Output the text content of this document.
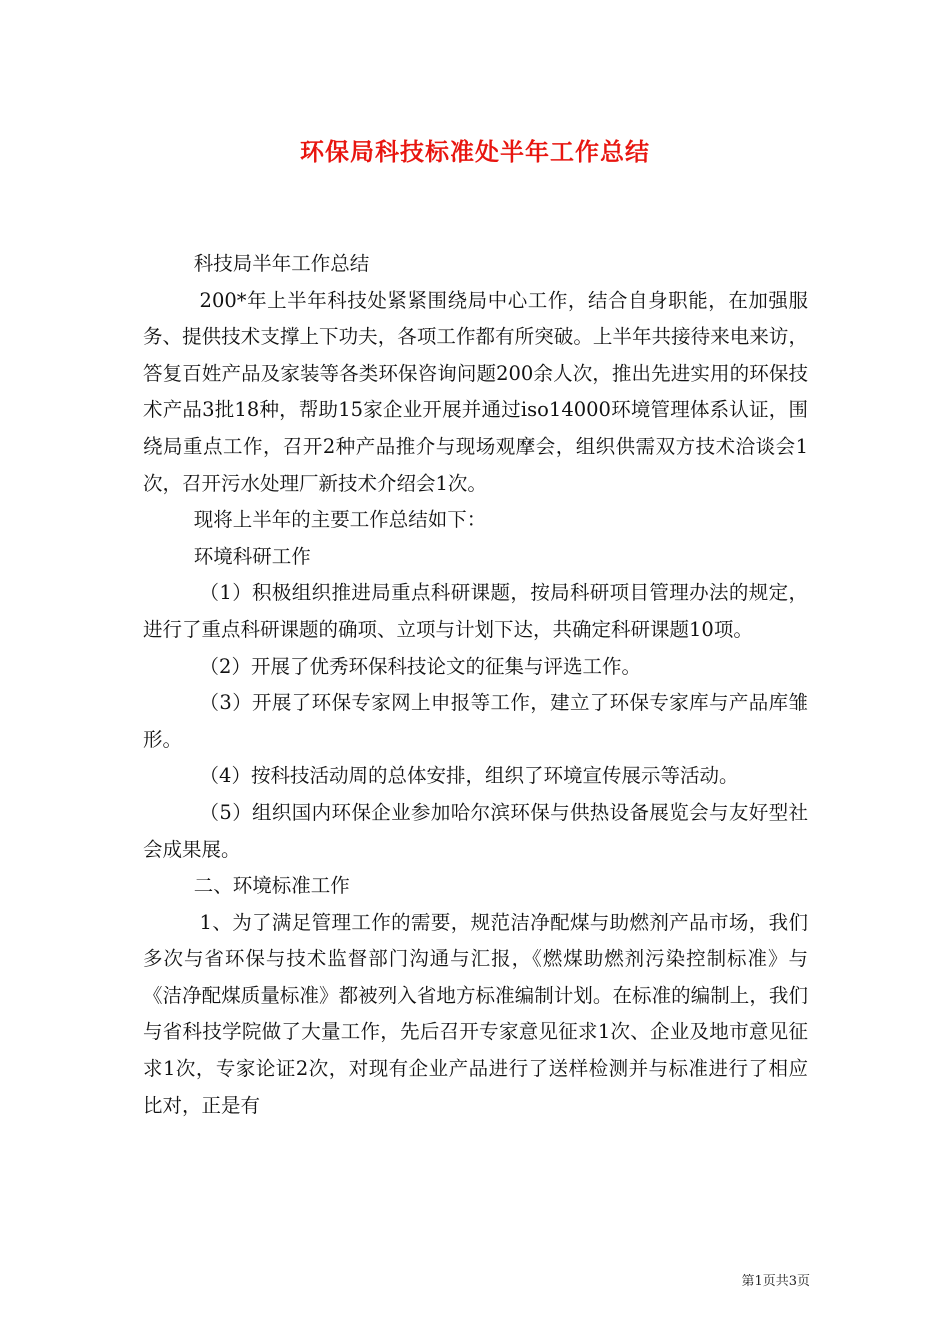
环保局科技标准处半年工作总结

科技局半年工作总结

200*年上半年科技处紧紧围绕局中心工作，结合自身职能，在加强服务、提供技术支撑上下功夫，各项工作都有所突破。上半年共接待来电来访，答复百姓产品及家装等各类环保咨询问题200余人次，推出先进实用的环保技术产品3批18种，帮助15家企业开展并通过iso14000环境管理体系认证，围绕局重点工作，召开2种产品推介与现场观摩会，组织供需双方技术洽谈会1次，召开污水处理厂新技术介绍会1次。

现将上半年的主要工作总结如下：

环境科研工作

（1）积极组织推进局重点科研课题，按局科研项目管理办法的规定，进行了重点科研课题的确项、立项与计划下达，共确定科研课题10项。

（2）开展了优秀环保科技论文的征集与评选工作。

（3）开展了环保专家网上申报等工作，建立了环保专家库与产品库雏形。

（4）按科技活动周的总体安排，组织了环境宣传展示等活动。

（5）组织国内环保企业参加哈尔滨环保与供热设备展览会与友好型社会成果展。

二、环境标准工作

1、为了满足管理工作的需要，规范洁净配煤与助燃剂产品市场，我们多次与省环保与技术监督部门沟通与汇报，《燃煤助燃剂污染控制标准》与《洁净配煤质量标准》都被列入省地方标准编制计划。在标准的编制上，我们与省科技学院做了大量工作，先后召开专家意见征求1次、企业及地市意见征求1次，专家论证2次，对现有企业产品进行了送样检测并与标准进行了相应比对，正是有

第1页共3页
